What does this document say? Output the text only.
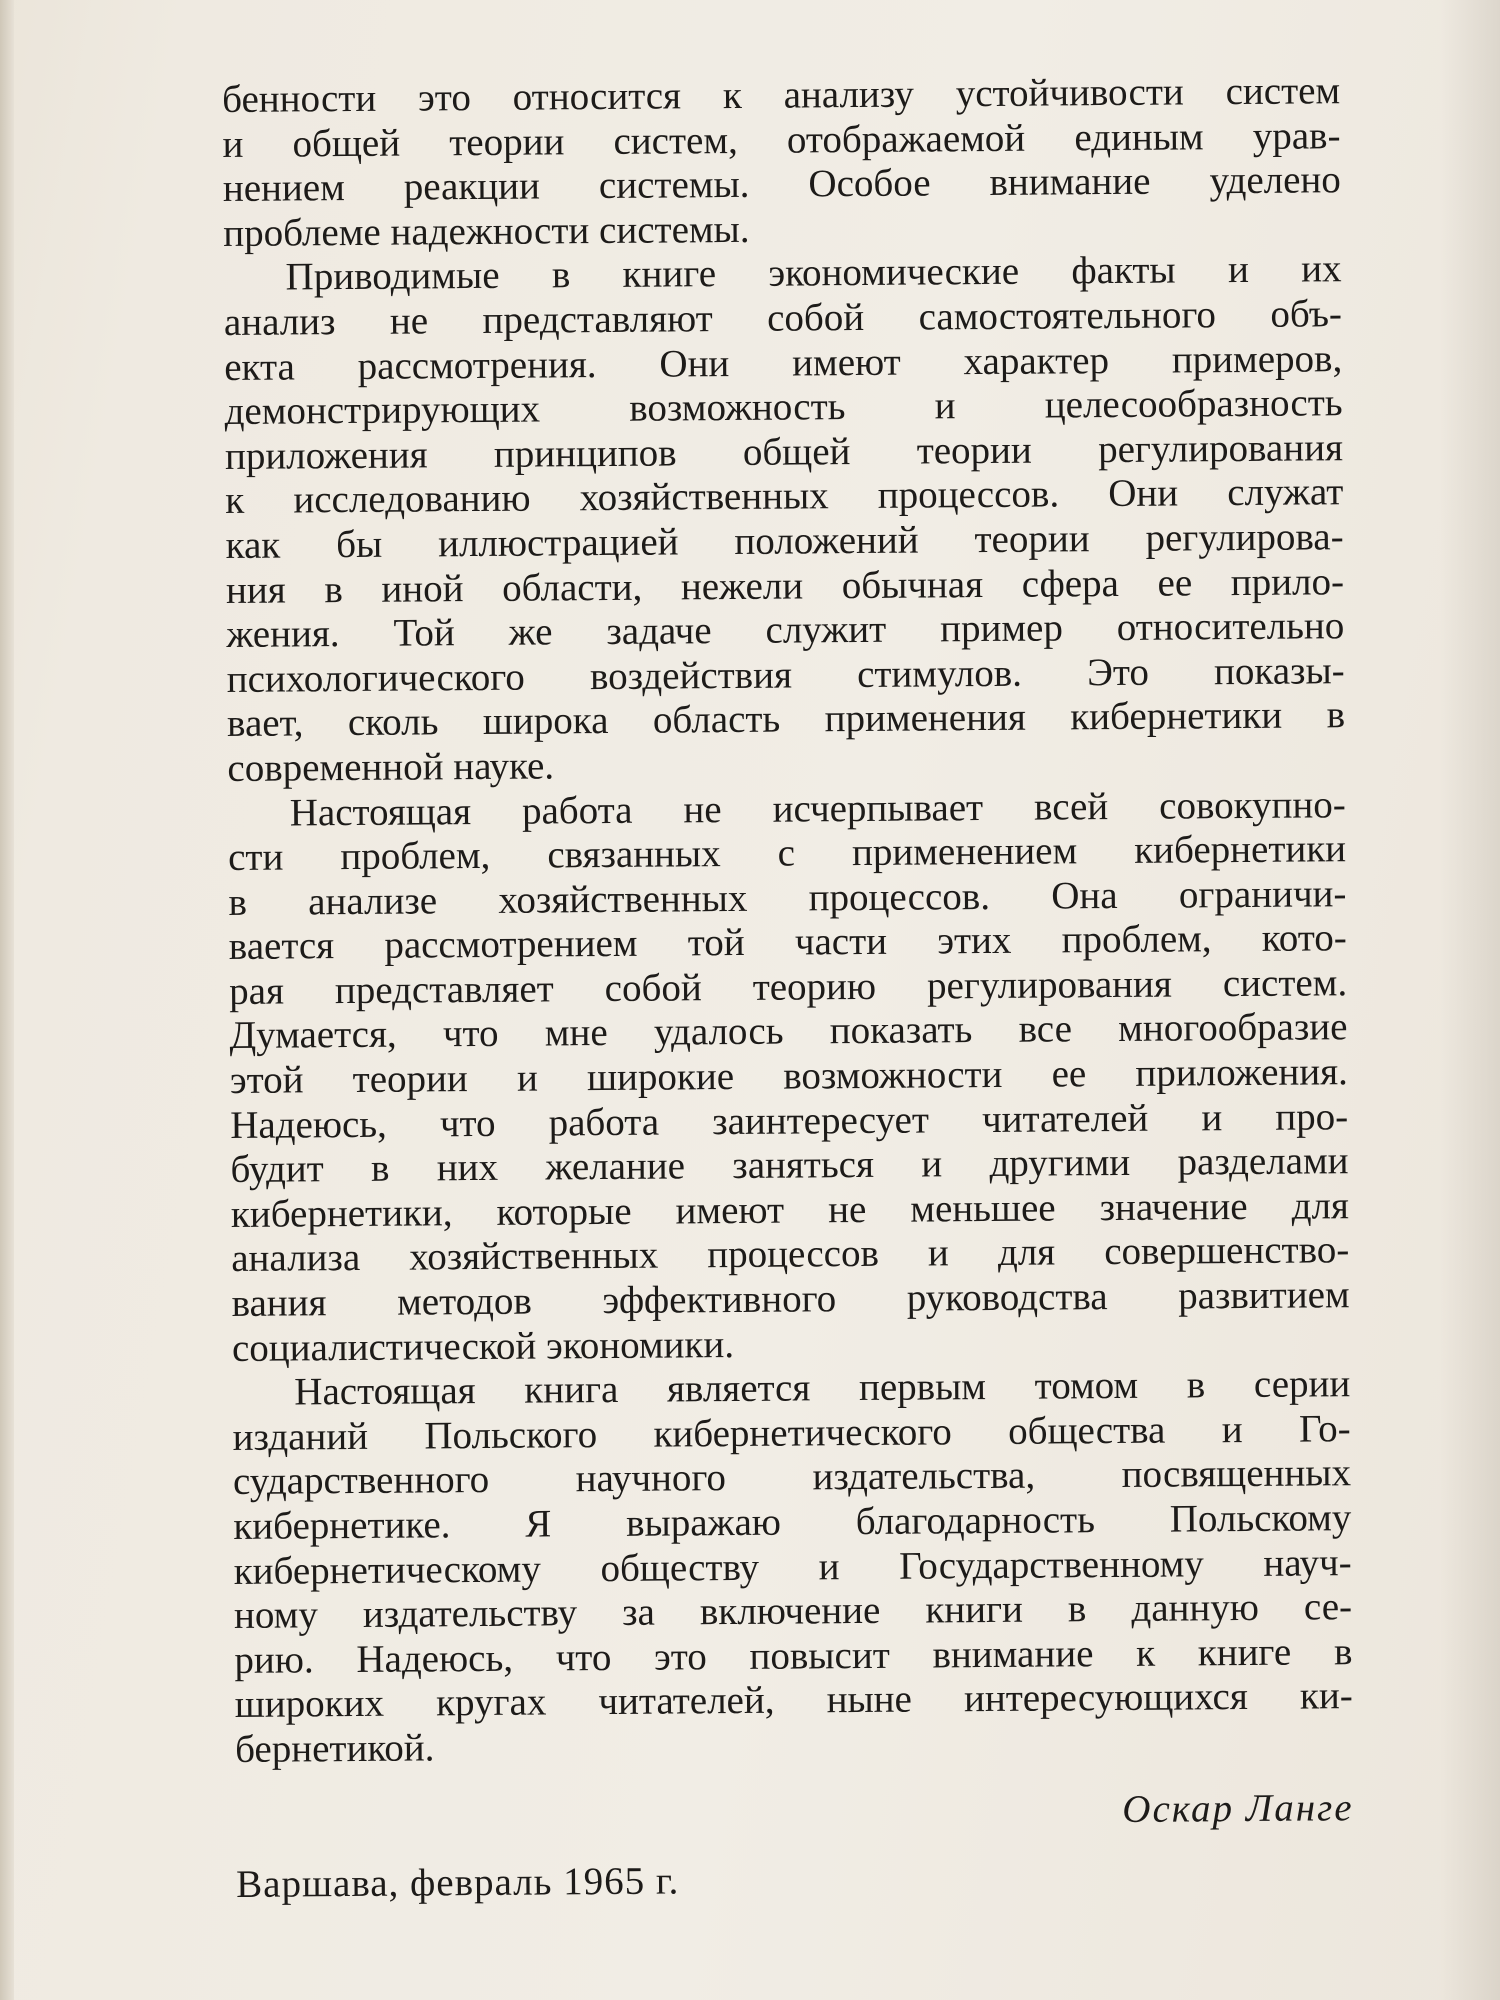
бенности это относится к анализу устойчивости систем
и общей теории систем, отображаемой единым урав-
нением реакции системы. Особое внимание уделено
проблеме надежности системы.

Приводимые в книге экономические факты и их
анализ не представляют собой самостоятельного объ-
екта рассмотрения. Они имеют характер примеров,
демонстрирующих возможность и целесообразность
приложения принципов общей теории регулирования
к исследованию хозяйственных процессов. Они служат
как бы иллюстрацией положений теории регулирова-
ния в иной области, нежели обычная сфера ее прило-
жения. Той же задаче служит пример относительно
психологического воздействия стимулов. Это показы-
вает, сколь широка область применения кибернетики в
современной науке.

Настоящая работа не исчерпывает всей совокупно-
сти проблем, связанных с применением кибернетики
в анализе хозяйственных процессов. Она ограничи-
вается рассмотрением той части этих проблем, кото-
рая представляет собой теорию регулирования систем.
Думается, что мне удалось показать все многообразие
этой теории и широкие возможности ее приложения.
Надеюсь, что работа заинтересует читателей и про-
будит в них желание заняться и другими разделами
кибернетики, которые имеют не меньшее значение для
анализа хозяйственных процессов и для совершенство-
вания методов эффективного руководства развитием
социалистической экономики.

Настоящая книга является первым томом в серии
изданий Польского кибернетического общества и Го-
сударственного научного издательства, посвященных
кибернетике. Я выражаю благодарность Польскому
кибернетическому обществу и Государственному науч-
ному издательству за включение книги в данную се-
рию. Надеюсь, что это повысит внимание к книге в
широких кругах читателей, ныне интересующихся ки-
бернетикой.

Оскар Ланге

Варшава, февраль 1965 г.
